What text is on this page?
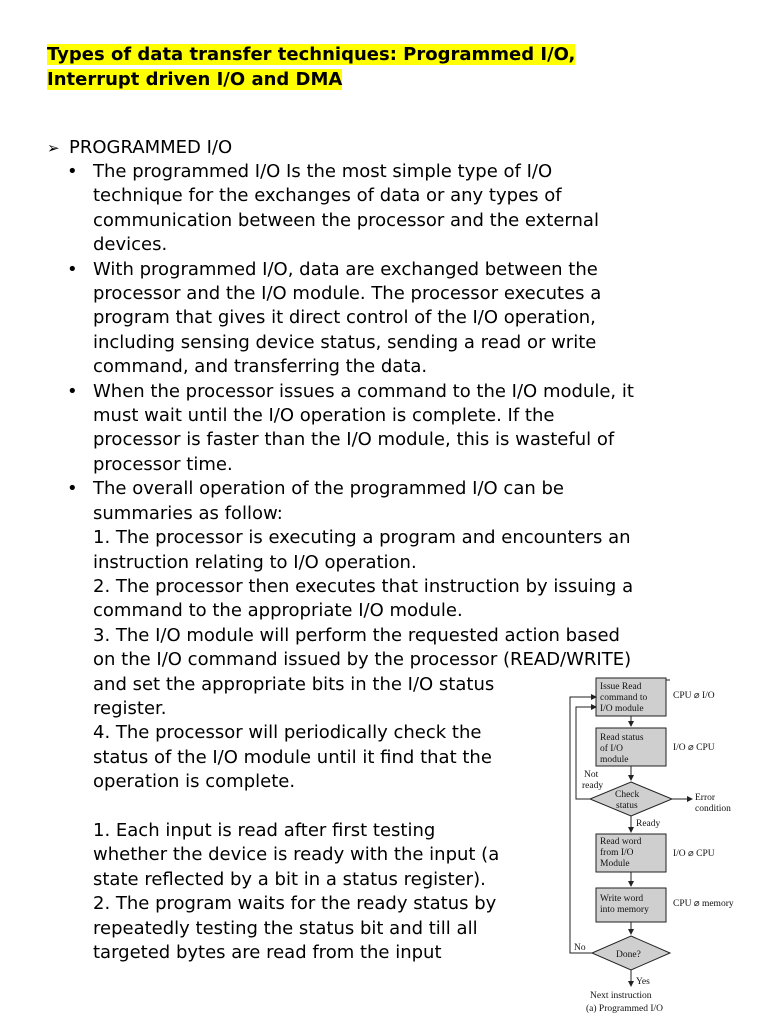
Types of data transfer techniques: Programmed I/O,
Interrupt driven I/O and DMA
➢ PROGRAMMED I/O
• The programmed I/O Is the most simple type of I/O
technique for the exchanges of data or any types of
communication between the processor and the external
devices.
• With programmed I/O, data are exchanged between the
processor and the I/O module. The processor executes a
program that gives it direct control of the I/O operation,
including sensing device status, sending a read or write
command, and transferring the data.
• When the processor issues a command to the I/O module, it
must wait until the I/O operation is complete. If the
processor is faster than the I/O module, this is wasteful of
processor time.
• The overall operation of the programmed I/O can be
summaries as follow:
1. The processor is executing a program and encounters an
instruction relating to I/O operation.
2. The processor then executes that instruction by issuing a
command to the appropriate I/O module.
3. The I/O module will perform the requested action based
on the I/O command issued by the processor (READ/WRITE)
and set the appropriate bits in the I/O status
register.
4. The processor will periodically check the
status of the I/O module until it find that the
operation is complete.
1. Each input is read after first testing
whether the device is ready with the input (a
state reflected by a bit in a status register).
2. The program waits for the ready status by
repeatedly testing the status bit and till all
targeted bytes are read from the input
Issue Read
command to
I/O module
CPU ⌀ I/O
Read status
of I/O
module
I/O ⌀ CPU
Not
ready
Check
status
Error
condition
Ready
Read word
from I/O
Module
I/O ⌀ CPU
Write word
into memory
CPU ⌀ memory
No
Done?
Yes
Next instruction
(a) Programmed I/O
